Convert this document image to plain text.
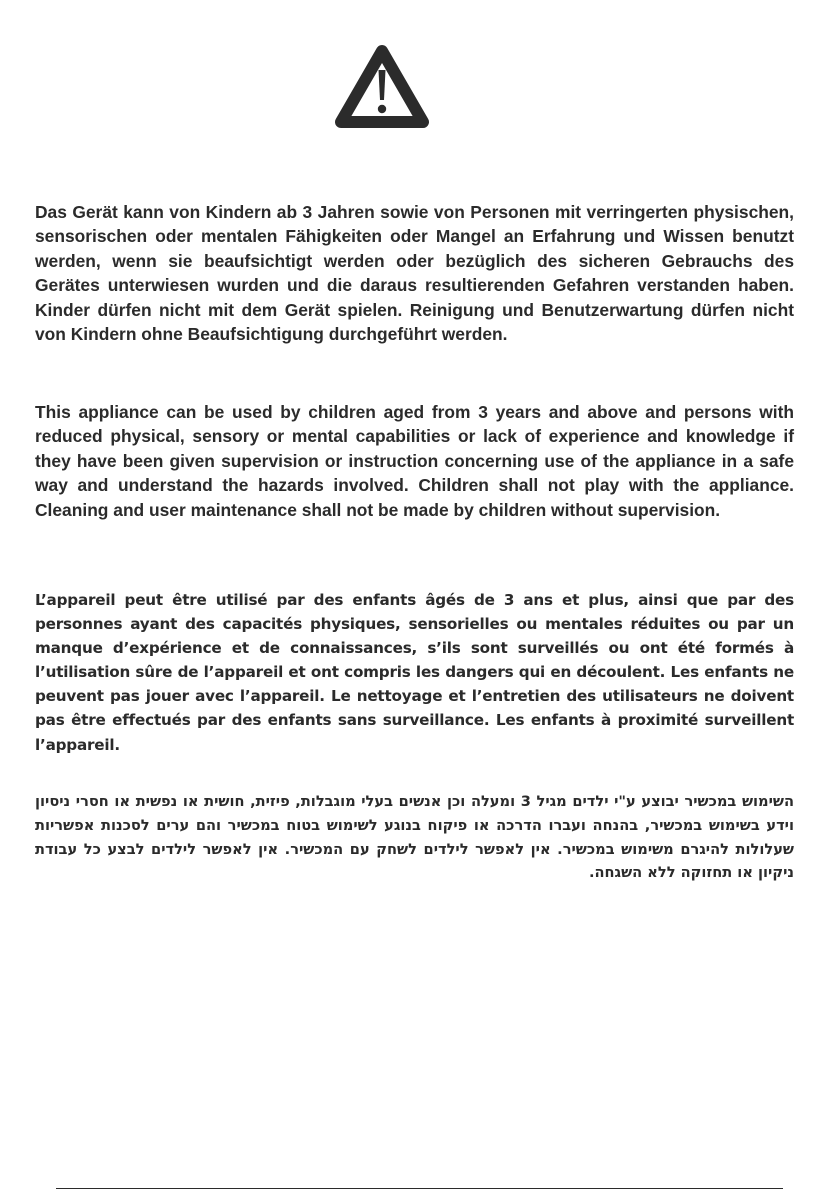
Das Gerät kann von Kindern ab 3 Jahren sowie von Personen mit verringerten physischen, sensorischen oder mentalen Fähigkeiten oder Mangel an Erfahrung und Wissen benutzt werden, wenn sie beaufsichtigt werden oder bezüglich des sicheren Gebrauchs des Gerätes unterwiesen wurden und die daraus resultierenden Gefahren verstanden haben. Kinder dürfen nicht mit dem Gerät spielen. Reinigung und Benutzerwartung dürfen nicht von Kindern ohne Beaufsichtigung durchgeführt werden.

This appliance can be used by children aged from 3 years and above and persons with reduced physical, sensory or mental capabilities or lack of experience and knowledge if they have been given supervision or instruction concerning use of the appliance in a safe way and understand the hazards involved. Children shall not play with the appliance. Cleaning and user maintenance shall not be made by children without supervision.

L’appareil peut être utilisé par des enfants âgés de 3 ans et plus, ainsi que par des personnes ayant des capacités physiques, sensorielles ou mentales réduites ou par un manque d’expérience et de connaissances, s’ils sont surveillés ou ont été formés à l’utilisation sûre de l’appareil et ont compris les dangers qui en découlent. Les enfants ne peuvent pas jouer avec l’appareil. Le nettoyage et l’entretien des utilisateurs ne doivent pas être effectués par des enfants sans surveillance. Les enfants à proximité surveillent l’appareil.

השימוש במכשיר יבוצע ע"י ילדים מגיל 3 ומעלה וכן אנשים בעלי מוגבלות, פיזית, חושית או נפשית או חסרי ניסיון וידע בשימוש במכשיר, בהנחה ועברו הדרכה או פיקוח בנוגע לשימוש בטוח במכשיר והם ערים לסכנות אפשריות שעלולות להיגרם משימוש במכשיר. אין לאפשר לילדים לשחק עם המכשיר. אין לאפשר לילדים לבצע כל עבודת ניקיון או תחזוקה ללא השגחה.
